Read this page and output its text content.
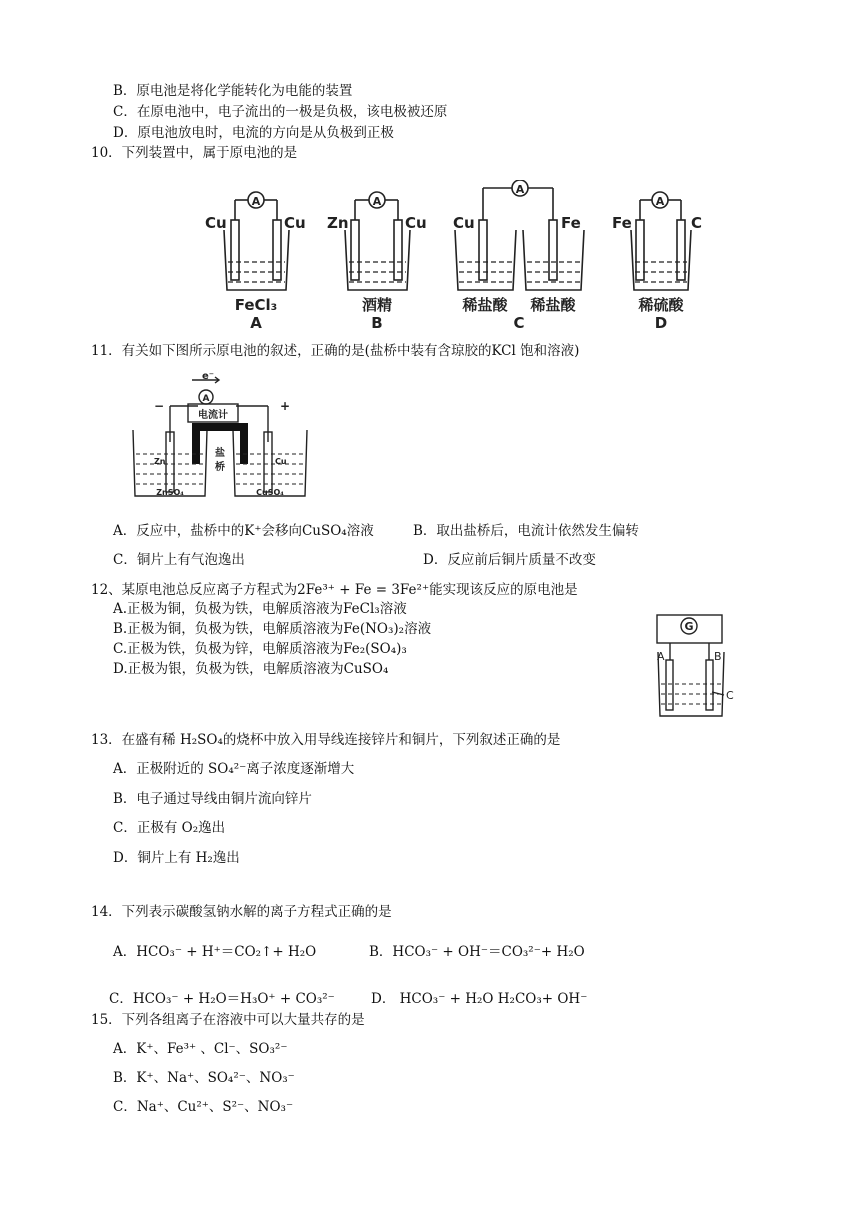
B．原电池是将化学能转化为电能的装置
C．在原电池中，电子流出的一极是负极，该电极被还原
D．原电池放电时，电流的方向是从负极到正极
10．下列装置中，属于原电池的是
A	A
A
A
Cu	Cu
FeCl₃
A
Zn	Cu
酒精
B
Cu	Fe
稀盐酸 稀盐酸
C
Fe	C
稀硫酸
D
11．有关如下图所示原电池的叙述，正确的是(盐桥中装有含琼胶的KCl 饱和溶液)
e⁻
A
电流计
−	+
Zn	Cu
盐
桥
ZnSO₄	CuSO₄
A．反应中，盐桥中的K⁺会移向CuSO₄溶液	B．取出盐桥后，电流计依然发生偏转
C．铜片上有气泡逸出	D．反应前后铜片质量不改变
12、某原电池总反应离子方程式为2Fe³⁺ + Fe = 3Fe²⁺能实现该反应的原电池是
A.正极为铜，负极为铁，电解质溶液为FeCl₃溶液
B.正极为铜，负极为铁，电解质溶液为Fe(NO₃)₂溶液
C.正极为铁，负极为锌，电解质溶液为Fe₂(SO₄)₃
D.正极为银，负极为铁，电解质溶液为CuSO₄
G
A	B
C
13．在盛有稀 H₂SO₄的烧杯中放入用导线连接锌片和铜片，下列叙述正确的是
A．正极附近的 SO₄²⁻离子浓度逐渐增大
B．电子通过导线由铜片流向锌片
C．正极有 O₂逸出
D．铜片上有 H₂逸出
14．下列表示碳酸氢钠水解的离子方程式正确的是
A．HCO₃⁻ + H⁺＝CO₂↑+ H₂O	B．HCO₃⁻ + OH⁻＝CO₃²⁻+ H₂O
C．HCO₃⁻ + H₂O＝H₃O⁺ + CO₃²⁻	D． HCO₃⁻ + H₂O H₂CO₃+ OH⁻
15．下列各组离子在溶液中可以大量共存的是
A．K⁺、Fe³⁺ 、Cl⁻、SO₃²⁻
B．K⁺、Na⁺、SO₄²⁻、NO₃⁻
C．Na⁺、Cu²⁺、S²⁻、NO₃⁻
